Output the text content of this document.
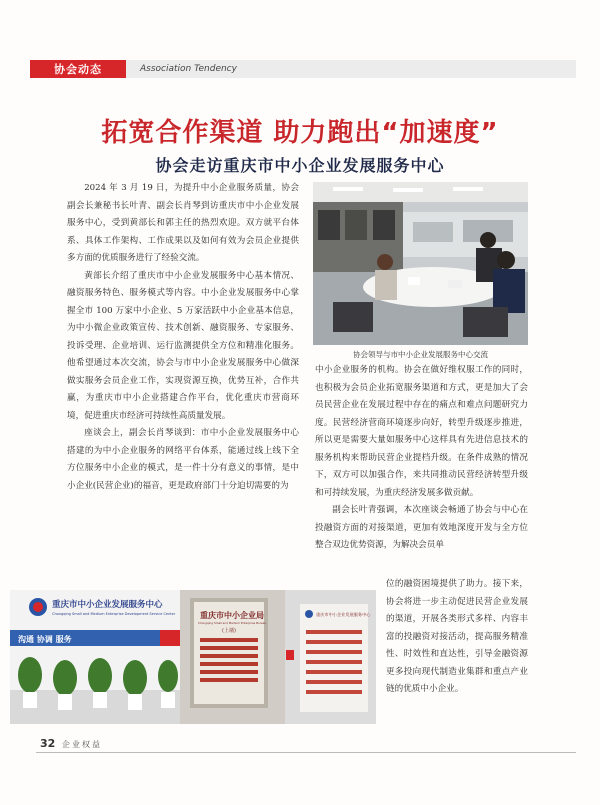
协会动态	Association Tendency
拓宽合作渠道 助力跑出“加速度”
协会走访重庆市中小企业发展服务中心

2024 年 3 月 19 日，为提升中小企业服务质量，协会副会长兼秘书长叶青、副会长肖琴到访重庆市中小企业发展服务中心，受到黄部长和郭主任的热烈欢迎。双方就平台体系、具体工作架构、工作成果以及如何有效为会员企业提供多方面的优质服务进行了经验交流。

黄部长介绍了重庆市中小企业发展服务中心基本情况、融资服务特色、服务模式等内容。中小企业发展服务中心掌握全市 100 万家中小企业、5 万家活跃中小企业基本信息，为中小微企业政策宣传、技术创新、融资服务、专家服务、投诉受理、企业培训、运行监测提供全方位和精准化服务。他希望通过本次交流，协会与市中小企业发展服务中心做深做实服务会员企业工作，实现资源互换，优势互补，合作共赢，为重庆市中小企业搭建合作平台，优化重庆市营商环境，促进重庆市经济可持续性高质量发展。

座谈会上，副会长肖琴谈到：市中小企业发展服务中心搭建的为中小企业服务的网络平台体系，能通过线上线下全方位服务中小企业的模式，是一件十分有意义的事情，是中小企业(民营企业)的福音，更是政府部门十分迫切需要的为

协会领导与市中小企业发展服务中心交流

中小企业服务的机构。协会在做好维权服工作的同时，也积极为会员企业拓宽服务渠道和方式，更是加大了会员民营企业在发展过程中存在的痛点和难点问题研究力度。民营经济营商环境逐步向好，转型升级逐步推进，所以更是需要大量如服务中心这样具有先进信息技术的服务机构来帮助民营企业提档升级。在条件成熟的情况下，双方可以加强合作，来共同推动民营经济转型升级和可持续发展，为重庆经济发展多做贡献。

副会长叶青强调，本次座谈会畅通了协会与中心在投融资方面的对接渠道，更加有效地深度开发与全方位整合双边优势资源，为解决会员单

位的融资困境提供了助力。接下来，协会将进一步主动促进民营企业发展的渠道，开展各类形式多样、内容丰富的投融资对接活动，提高服务精准性、时效性和直达性，引导金融资源更多投向现代制造业集群和重点产业链的优质中小企业。

重庆市中小企业发展服务中心
Chongqing Small and Medium Enterprise Development Service Center
沟通 协调 服务
重庆市中小企业局
Chongqing Small and Medium Enterprise Bureau
(上墙)
重庆市中小企业发展服务中心
32 企业权益
